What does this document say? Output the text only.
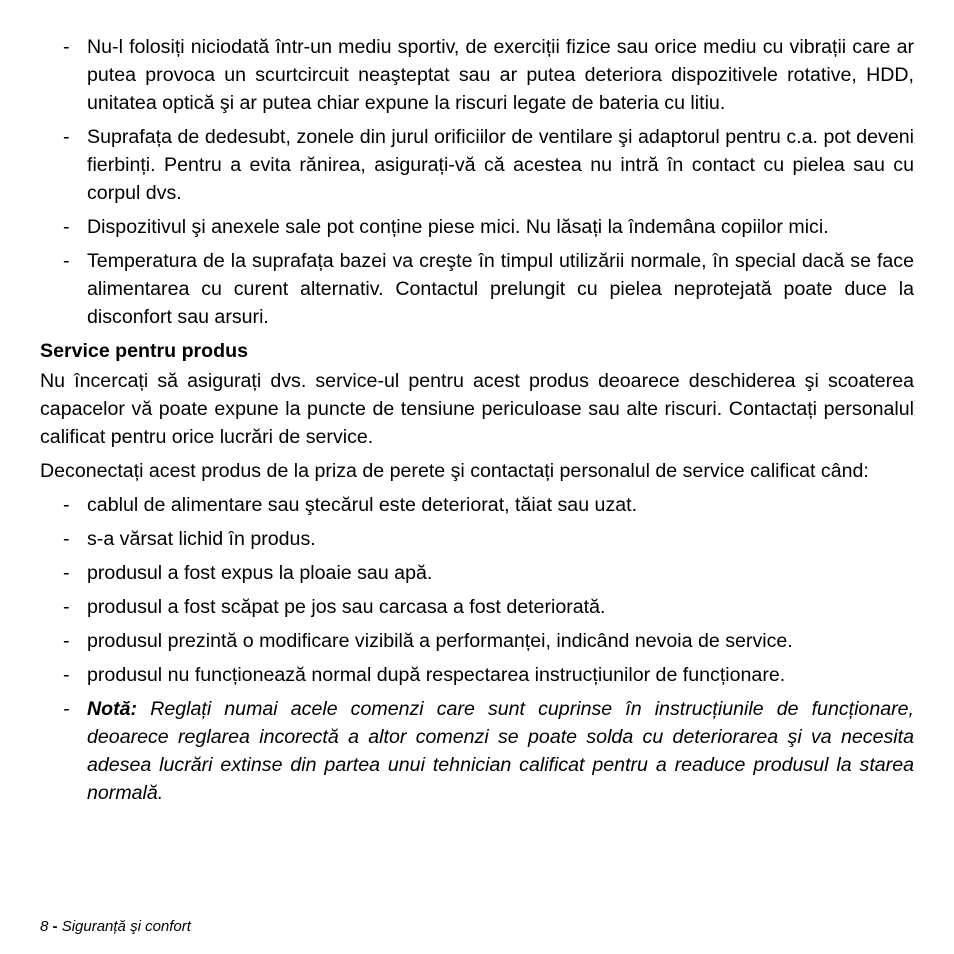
- Nu-l folosiți niciodată într-un mediu sportiv, de exerciții fizice sau orice mediu cu vibrații care ar putea provoca un scurtcircuit neaşteptat sau ar putea deteriora dispozitivele rotative, HDD, unitatea optică şi ar putea chiar expune la riscuri legate de bateria cu litiu.
- Suprafața de dedesubt, zonele din jurul orificiilor de ventilare şi adaptorul pentru c.a. pot deveni fierbinți. Pentru a evita rănirea, asigurați-vă că acestea nu intră în contact cu pielea sau cu corpul dvs.
- Dispozitivul şi anexele sale pot conține piese mici. Nu lăsați la îndemâna copiilor mici.
- Temperatura de la suprafața bazei va creşte în timpul utilizării normale, în special dacă se face alimentarea cu curent alternativ. Contactul prelungit cu pielea neprotejată poate duce la disconfort sau arsuri.
Service pentru produs

Nu încercați să asigurați dvs. service-ul pentru acest produs deoarece deschiderea şi scoaterea capacelor vă poate expune la puncte de tensiune periculoase sau alte riscuri. Contactați personalul calificat pentru orice lucrări de service.

Deconectați acest produs de la priza de perete şi contactați personalul de service calificat când:

- cablul de alimentare sau ştecărul este deteriorat, tăiat sau uzat.
- s-a vărsat lichid în produs.
- produsul a fost expus la ploaie sau apă.
- produsul a fost scăpat pe jos sau carcasa a fost deteriorată.
- produsul prezintă o modificare vizibilă a performanței, indicând nevoia de service.
- produsul nu funcționează normal după respectarea instrucțiunilor de funcționare.
- Notă: Reglați numai acele comenzi care sunt cuprinse în instrucțiunile de funcționare, deoarece reglarea incorectă a altor comenzi se poate solda cu deteriorarea şi va necesita adesea lucrări extinse din partea unui tehnician calificat pentru a readuce produsul la starea normală.
8 - Siguranță şi confort
